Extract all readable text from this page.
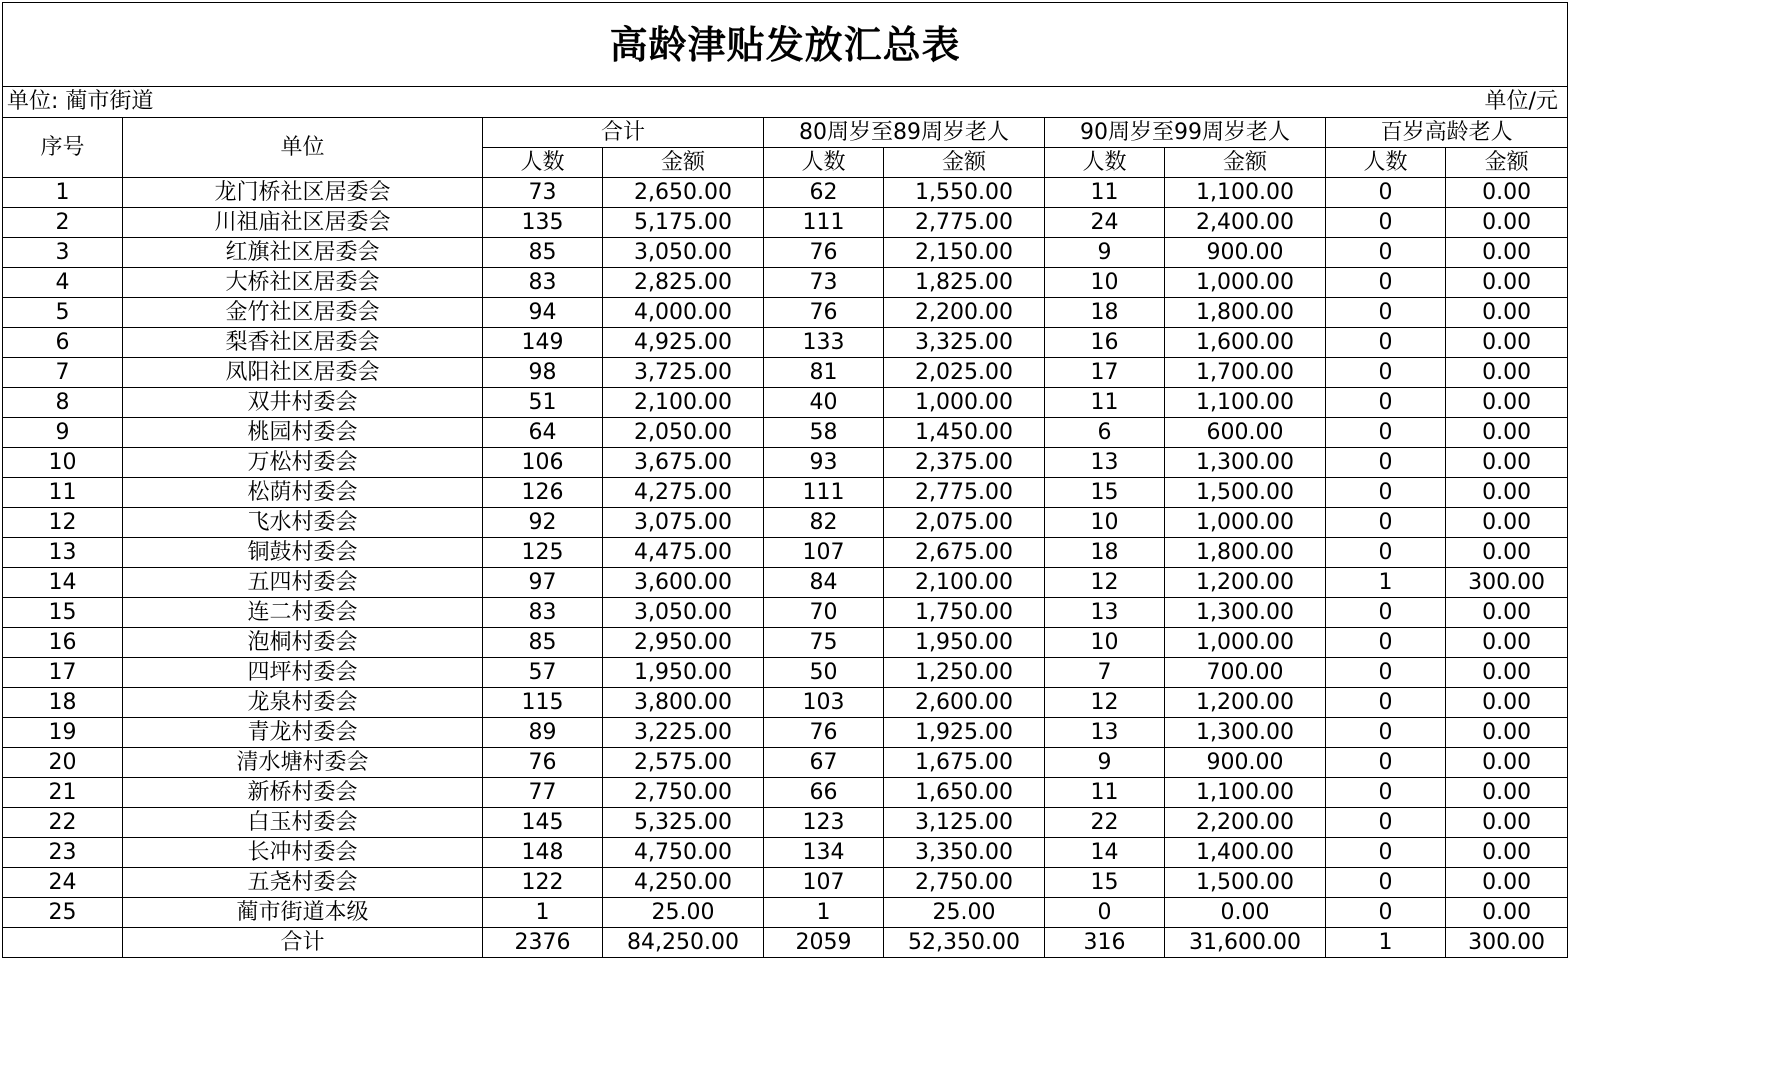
高龄津贴发放汇总表									
单位: 蔺市街道					单位/元				
序号	单位	合计		80周岁至89周岁老人		90周岁至99周岁老人		百岁高龄老人	
		人数	金额	人数	金额	人数	金额	人数	金额
1	龙门桥社区居委会	73	2,650.00	62	1,550.00	11	1,100.00	0	0.00
2	川祖庙社区居委会	135	5,175.00	111	2,775.00	24	2,400.00	0	0.00
3	红旗社区居委会	85	3,050.00	76	2,150.00	9	900.00	0	0.00
4	大桥社区居委会	83	2,825.00	73	1,825.00	10	1,000.00	0	0.00
5	金竹社区居委会	94	4,000.00	76	2,200.00	18	1,800.00	0	0.00
6	梨香社区居委会	149	4,925.00	133	3,325.00	16	1,600.00	0	0.00
7	凤阳社区居委会	98	3,725.00	81	2,025.00	17	1,700.00	0	0.00
8	双井村委会	51	2,100.00	40	1,000.00	11	1,100.00	0	0.00
9	桃园村委会	64	2,050.00	58	1,450.00	6	600.00	0	0.00
10	万松村委会	106	3,675.00	93	2,375.00	13	1,300.00	0	0.00
11	松荫村委会	126	4,275.00	111	2,775.00	15	1,500.00	0	0.00
12	飞水村委会	92	3,075.00	82	2,075.00	10	1,000.00	0	0.00
13	铜鼓村委会	125	4,475.00	107	2,675.00	18	1,800.00	0	0.00
14	五四村委会	97	3,600.00	84	2,100.00	12	1,200.00	1	300.00
15	连二村委会	83	3,050.00	70	1,750.00	13	1,300.00	0	0.00
16	泡桐村委会	85	2,950.00	75	1,950.00	10	1,000.00	0	0.00
17	四坪村委会	57	1,950.00	50	1,250.00	7	700.00	0	0.00
18	龙泉村委会	115	3,800.00	103	2,600.00	12	1,200.00	0	0.00
19	青龙村委会	89	3,225.00	76	1,925.00	13	1,300.00	0	0.00
20	清水塘村委会	76	2,575.00	67	1,675.00	9	900.00	0	0.00
21	新桥村委会	77	2,750.00	66	1,650.00	11	1,100.00	0	0.00
22	白玉村委会	145	5,325.00	123	3,125.00	22	2,200.00	0	0.00
23	长冲村委会	148	4,750.00	134	3,350.00	14	1,400.00	0	0.00
24	五尧村委会	122	4,250.00	107	2,750.00	15	1,500.00	0	0.00
25	蔺市街道本级	1	25.00	1	25.00	0	0.00	0	0.00
	合计	2376	84,250.00	2059	52,350.00	316	31,600.00	1	300.00
